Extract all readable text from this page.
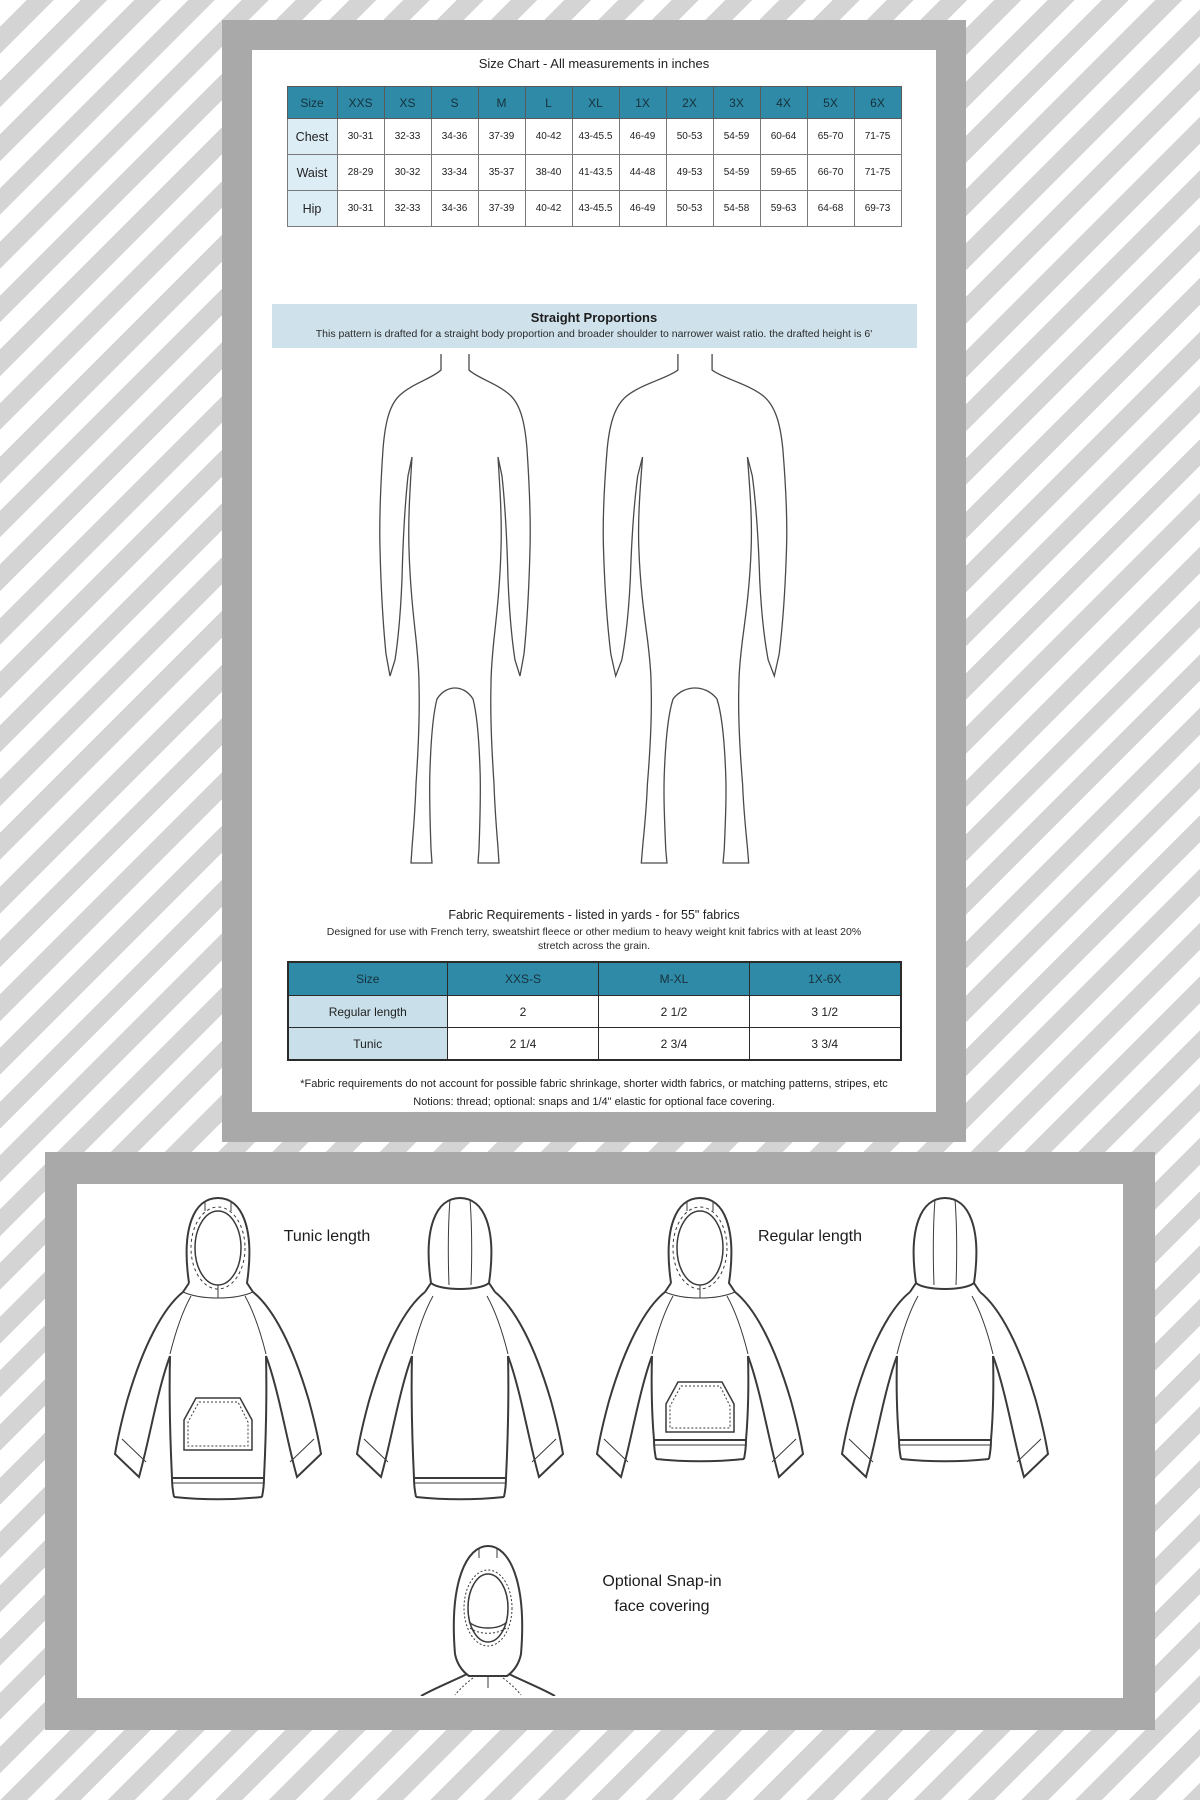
Size Chart - All measurements in inches
Size	XXS	XS	S	M	L	XL	1X	2X	3X	4X	5X	6X
Chest	30-31	32-33	34-36	37-39	40-42	43-45.5	46-49	50-53	54-59	60-64	65-70	71-75
Waist	28-29	30-32	33-34	35-37	38-40	41-43.5	44-48	49-53	54-59	59-65	66-70	71-75
Hip	30-31	32-33	34-36	37-39	40-42	43-45.5	46-49	50-53	54-58	59-63	64-68	69-73
Straight Proportions
This pattern is drafted for a straight body proportion and broader shoulder to narrower waist ratio. the drafted height is 6'
Fabric Requirements - listed in yards - for 55" fabrics
Designed for use with French terry, sweatshirt fleece or other medium to heavy weight knit fabrics with at least 20% stretch across the grain.
Size	XXS-S	M-XL	1X-6X
Regular length	2	2 1/2	3 1/2
Tunic	2 1/4	2 3/4	3 3/4
*Fabric requirements do not account for possible fabric shrinkage, shorter width fabrics, or matching patterns, stripes, etc
Notions: thread; optional: snaps and 1/4" elastic for optional face covering.
Tunic length	Regular length
Optional Snap-in
face covering
